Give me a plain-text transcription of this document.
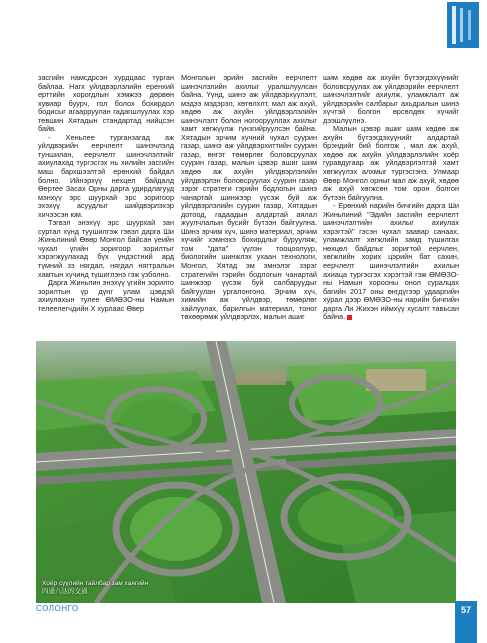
засгийн намсдрсэн хурдцаас турган байлаа. Нагх уйлдвэрлэлийн еренхий ерттийн хорогдлын хэмжээ дөрвөн хувиар буурч, гол болох бохирдол бодисыг агаарруулан гадагшлуулах хэр тевшин Хятадын стандартад нийцсэн байв.

- Хеньлее турганзагад аж уйлдвэрийн еерчлелт шинэчлэлд туншилан, еерчлелт шинэчлэлтийг ахиулахад тургэсгэх нь хилийн засгийн маш бархшээлтэй ерөнхий байдал болно. Ийнэрхүү нехцел байдалд Өертее Засах Орны дарга удирдлагууд мэнхүү эрс шуурхай эрс зоригоор эхэхүү асуудлыг шийдвэрлэхэр хичээсэн юм.

Тэгвэл энэхүү эрс шуурхай зан суртал хүнд туушилгэж гэвэл дарга Ши Жиньпиний Өвөр Монгол байсан үеийн чухал үгийн зоригоор зорилтыг хэрэгжуулахад бүх үндэстний ард түмний зэ нягдал, нягдал нягтралын хамтын хүчинд түшиглэнэ гэж үзболно.

Дарга Жиньпин энэхүү үгийн зорилго зорилтын үр дүнг улам цэвдэй ахиулахын тулее ӨМӨЗО-ны Намын телеелегчдийн X хурлааc Өвер

Монголын эрийн засгийн еерчлелт шинэчлэлийн ахилыг уралшлуулсан байна. Үүнд, шинэ аж уйлдвэрхүүлэлт, мэдээ мэдэрэл, хөтөлхлт, мал аж ахуй, хөдөө аж ахуйн уйлдвэрлэлийн шинэчлэлт болон ногоорууллах ахилыг хамт хөгжүүлж гүнзгийруулсэн байна. Хятадын эрчим хүчний чухал суурин газар, шинэ аж уйлдвэрхиттийн суурин газар, өнгэт төмөрлөг боловсруулах суурин газар, малын цэвэр ашиг шим хөдөө аж ахуйн уйлдвэрлэлийн уйлдвэрлэн боловсруулах суурин газар зэрэг стратеги гэрийн бодлогын шинэ чанартай шинжээр үүсэж буй аж уйлдвэрлэлийн суурин газар, Хятадын дотоод, гадаадын алдартай аялал жуулчлалын бусийг бүтээн байгуулна. Шинэ эрчим хүч, шинэ материал, эрчим хүчийг хэмнэхэ бохирдлыг бурууляж, том "дата" үүлэн тооцоолуур, биологийн шинжлэх ухаан технологи, Монгол, Хятад эм эмнэлэг зэрэг стратегийн гэрийн бодлогын чанартай шинжээр үүсэж буй салбаруудыг байгуулан ургалонгоно. Эрчим хүч, химийн аж үйлдвэр, төмөрлөг хайлуулах, барилгын материал, тоног төхөөрөмж уйлдвэрлэх, малын ашиг

шим хөдөө аж ахуйн бүтээгдэхүүнийг боловсруулах аж уйлдвэрийн еерчлелт шинэчлэлтийг ахиулж, уламжлалт аж уйлдвэрийн салбарыг ахьдралын шинэ хүчтэй болгон өрсөлдөх хүчийг дээшлүүлнэ.

Малын цэвэр ашиг шим хөдөө аж ахуйн бүтээгдэхүүнийг алдартай брэндийг бий болгож , мал аж ахуй, хөдөө аж ахуйн уйлдвэрлэлийн хоёр гуравдугаар аж уйлдвэрлэлтэй хамт хөгжүүлэх алхмыг тургэсгэнэ. Улмаар Өвөр Монгол орныг мал аж ахуй, хөдөө аж ахуй хөгжсөн том орон болгон бүтээн байгуулна.

- Ерөнхий нарийн бичгийн дарга Ши Жиньпиний "Эдийн засгийн еерчлелт шинэчлэлтийн ахилыг ахиулах хэрэгтэй" гэсэн чухал заавар санаах, уламжлалт хөгжлийн замд түшилгах нөхцөл байдлыг зоригтой еерчлен, хөгжлийн хорих цэрийн бат сахин, еерчлелт шинэчлэлтийн ахилын ахиаца тургэсгэх хэрэгтэй гэж ӨМӨЗО-ны Намын хорооны онол суралцах багийн 2017 оны өнгдүгээр удааргийн хурал дээр ӨМӨЗО-ны нарийн бичгийн дарга Ли Жихэн иймхүү хусалт тавьсан байна.

Хоёр сүүлийн тайлбар зам хаягийн
四通八达的交通
СОЛОНГО	57
